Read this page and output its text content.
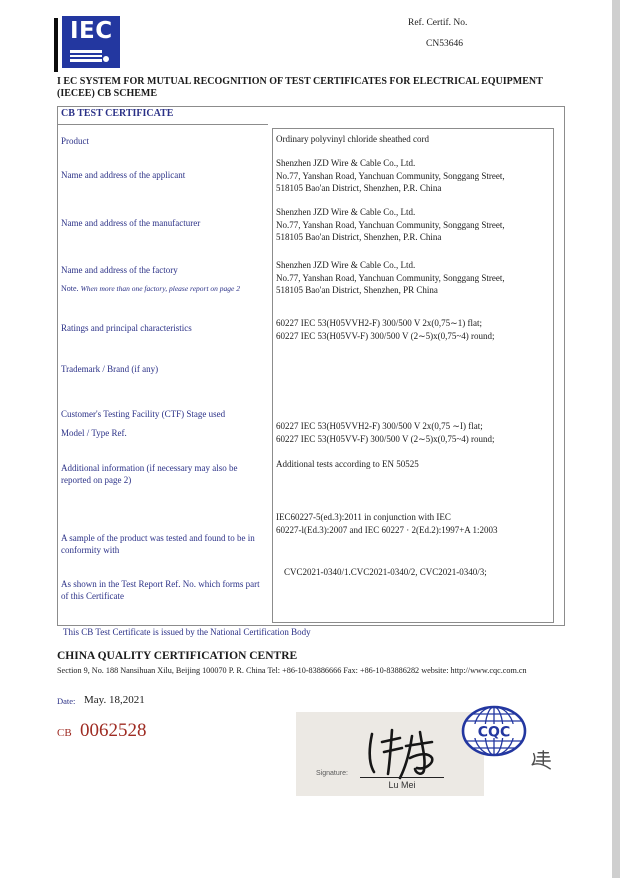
IEC	Ref. Certif. No.
CN53646
I EC SYSTEM FOR MUTUAL RECOGNITION OF TEST CERTIFICATES FOR ELECTRICAL EQUIPMENT
(IECEE) CB SCHEME
CB TEST CERTIFICATE
Product
Name and address of the applicant
Name and address of the manufacturer
Name and address of the factory
Note. When more than one factory, please report on page 2
Ratings and principal characteristics
Trademark / Brand (if any)
Customer's Testing Facility (CTF) Stage used
Model / Type Ref.
Additional information (if necessary may also be reported on page 2)
A sample of the product was tested and found to be in conformity with
As shown in the Test Report Ref. No. which forms part of this Certificate
Ordinary polyvinyl chloride sheathed cord
Shenzhen JZD Wire & Cable Co., Ltd.
No.77, Yanshan Road, Yanchuan Community, Songgang Street,
518105 Bao'an District, Shenzhen, P.R. China
Shenzhen JZD Wire & Cable Co., Ltd.
No.77, Yanshan Road, Yanchuan Community, Songgang Street,
518105 Bao'an District, Shenzhen, P.R. China
Shenzhen JZD Wire & Cable Co., Ltd.
No.77, Yanshan Road, Yanchuan Community, Songgang Street,
518105 Bao'an District, Shenzhen, PR China
60227 IEC 53(H05VVH2-F) 300/500 V 2x(0,75∼1) flat;
60227 IEC 53(H05VV-F) 300/500 V (2∼5)x(0,75~4) round;
60227 IEC 53(H05VVH2-F) 300/500 V 2x(0,75 ∼I) flat;
60227 IEC 53(H05VV-F) 300/500 V (2∼5)x(0,75~4) round;
Additional tests according to EN 50525
IEC60227-5(ed.3):2011 in conjunction with IEC
60227-l(Ed.3):2007 and IEC 60227 · 2(Ed.2):1997+A 1:2003
CVC2021-0340/1.CVC2021-0340/2, CVC2021-0340/3;
This CB Test Certificate is issued by the National Certification Body
CHINA QUALITY CERTIFICATION CENTRE
Section 9, No. 188 Nansihuan Xilu, Beijing 100070 P. R. China Tel: +86-10-83886666 Fax: +86-10-83886282 website: http://www.cqc.com.cn
Date: May. 18,2021
CB 0062528
Signature:
Lu Mei
CQC
